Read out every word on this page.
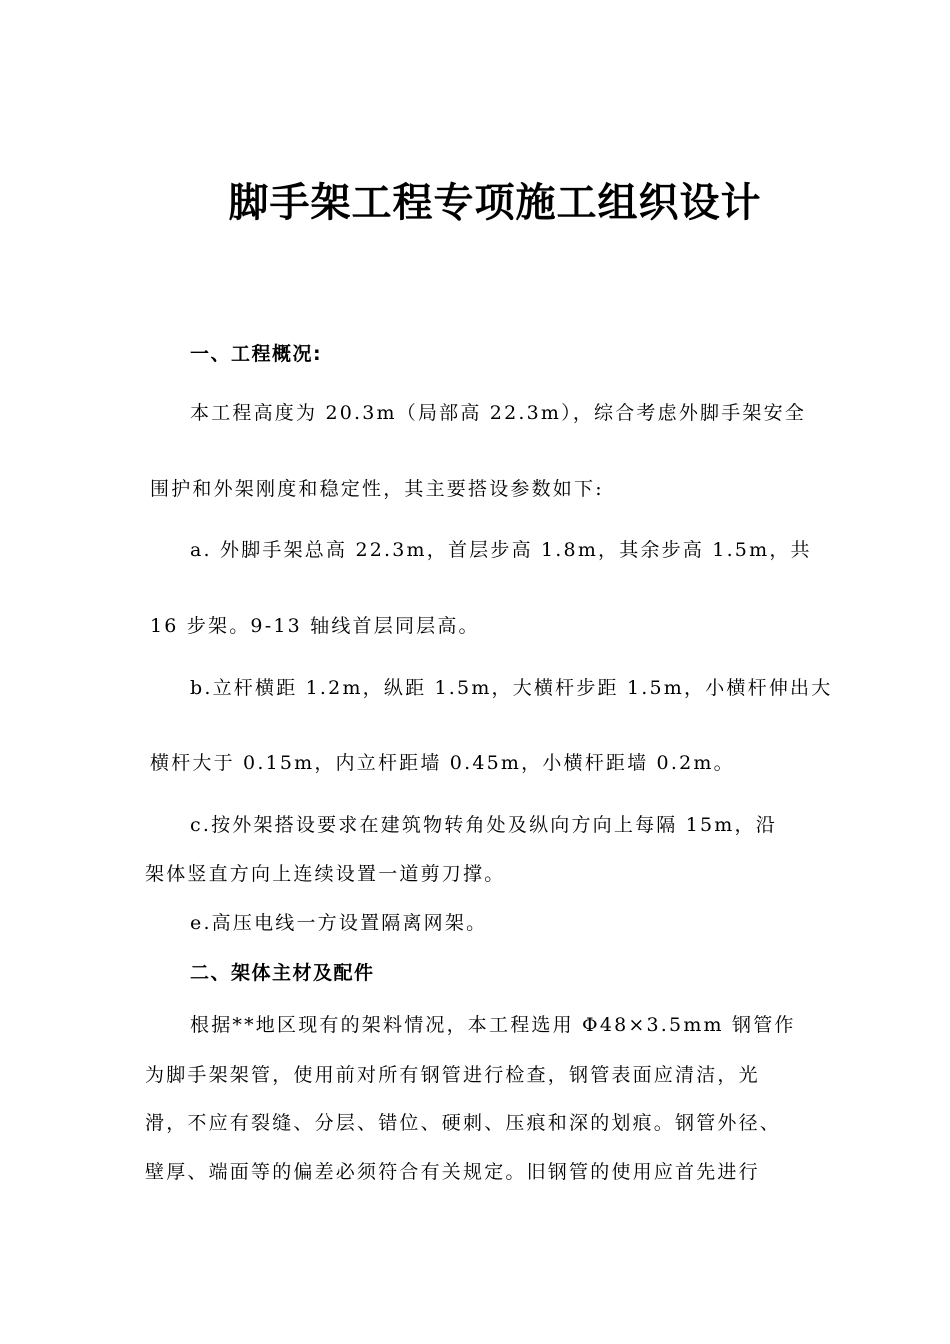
脚手架工程专项施工组织设计
一、工程概况:
本工程高度为 20.3m（局部高 22.3m），综合考虑外脚手架安全
围护和外架刚度和稳定性，其主要搭设参数如下:
a. 外脚手架总高 22.3m，首层步高 1.8m，其余步高 1.5m，共
16 步架。9-13 轴线首层同层高。
b.立杆横距 1.2m，纵距 1.5m，大横杆步距 1.5m，小横杆伸出大
横杆大于 0.15m，内立杆距墙 0.45m，小横杆距墙 0.2m。
c.按外架搭设要求在建筑物转角处及纵向方向上每隔 15m，沿
架体竖直方向上连续设置一道剪刀撑。
e.高压电线一方设置隔离网架。
二、架体主材及配件
根据**地区现有的架料情况，本工程选用 Φ48×3.5mm 钢管作
为脚手架架管，使用前对所有钢管进行检查，钢管表面应清洁，光
滑，不应有裂缝、分层、错位、硬刺、压痕和深的划痕。钢管外径、
壁厚、端面等的偏差必须符合有关规定。旧钢管的使用应首先进行
